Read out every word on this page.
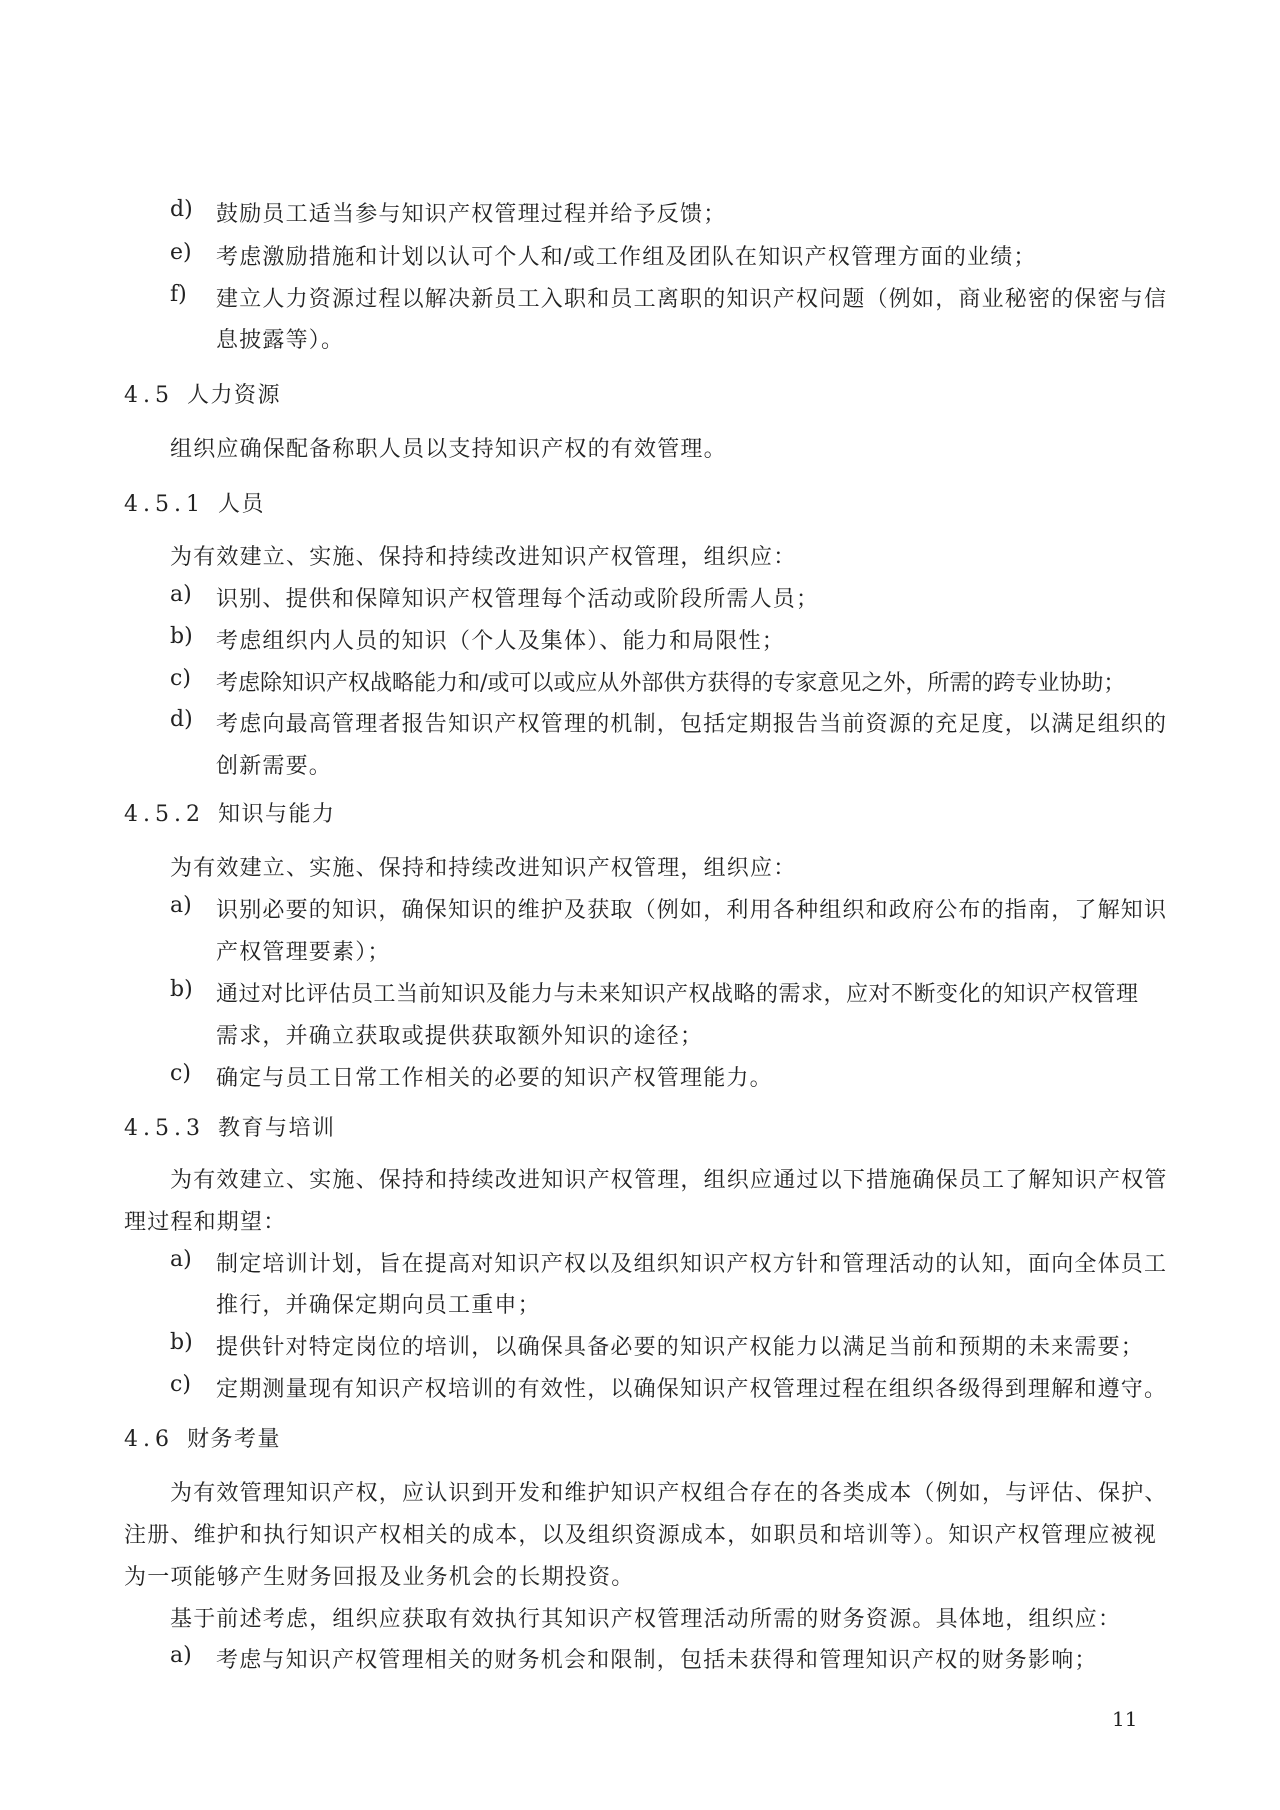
d) 鼓励员工适当参与知识产权管理过程并给予反馈；
e) 考虑激励措施和计划以认可个人和/或工作组及团队在知识产权管理方面的业绩；
f) 建立人力资源过程以解决新员工入职和员工离职的知识产权问题（例如，商业秘密的保密与信
息披露等）。
4.5 人力资源
组织应确保配备称职人员以支持知识产权的有效管理。
4.5.1 人员
为有效建立、实施、保持和持续改进知识产权管理，组织应：
a) 识别、提供和保障知识产权管理每个活动或阶段所需人员；
b) 考虑组织内人员的知识（个人及集体）、能力和局限性；
c) 考虑除知识产权战略能力和/或可以或应从外部供方获得的专家意见之外，所需的跨专业协助；
d) 考虑向最高管理者报告知识产权管理的机制，包括定期报告当前资源的充足度，以满足组织的
创新需要。
4.5.2 知识与能力
为有效建立、实施、保持和持续改进知识产权管理，组织应：
a) 识别必要的知识，确保知识的维护及获取（例如，利用各种组织和政府公布的指南，了解知识
产权管理要素）；
b) 通过对比评估员工当前知识及能力与未来知识产权战略的需求，应对不断变化的知识产权管理
需求，并确立获取或提供获取额外知识的途径；
c) 确定与员工日常工作相关的必要的知识产权管理能力。
4.5.3 教育与培训
为有效建立、实施、保持和持续改进知识产权管理，组织应通过以下措施确保员工了解知识产权管
理过程和期望：
a) 制定培训计划，旨在提高对知识产权以及组织知识产权方针和管理活动的认知，面向全体员工
推行，并确保定期向员工重申；
b) 提供针对特定岗位的培训，以确保具备必要的知识产权能力以满足当前和预期的未来需要；
c) 定期测量现有知识产权培训的有效性，以确保知识产权管理过程在组织各级得到理解和遵守。
4.6 财务考量
为有效管理知识产权，应认识到开发和维护知识产权组合存在的各类成本（例如，与评估、保护、
注册、维护和执行知识产权相关的成本，以及组织资源成本，如职员和培训等）。知识产权管理应被视
为一项能够产生财务回报及业务机会的长期投资。
基于前述考虑，组织应获取有效执行其知识产权管理活动所需的财务资源。具体地，组织应：
a) 考虑与知识产权管理相关的财务机会和限制，包括未获得和管理知识产权的财务影响；
11
